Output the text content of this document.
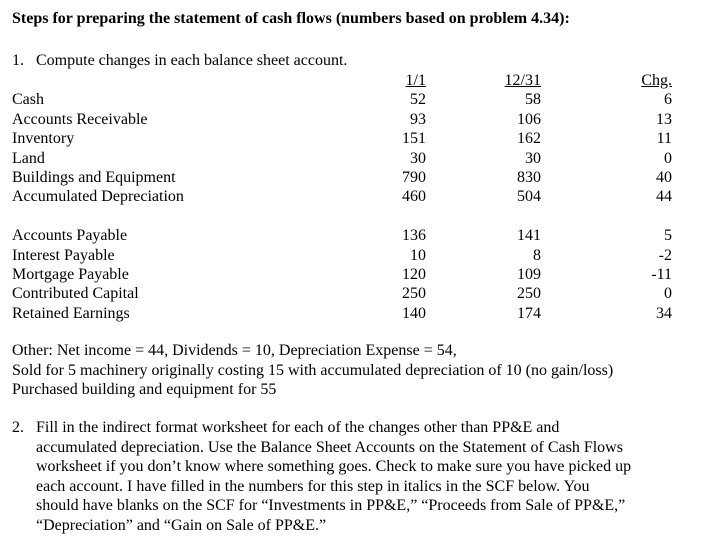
Steps for preparing the statement of cash flows (numbers based on problem 4.34):
1. Compute changes in each balance sheet account.
1/1	12/31	Chg.
Cash	52	58	6
Accounts Receivable	93	106	13
Inventory	151	162	11
Land	30	30	0
Buildings and Equipment	790	830	40
Accumulated Depreciation	460	504	44
Accounts Payable	136	141	5
Interest Payable	10	8	-2
Mortgage Payable	120	109	-11
Contributed Capital	250	250	0
Retained Earnings	140	174	34
Other: Net income = 44, Dividends = 10, Depreciation Expense = 54,
Sold for 5 machinery originally costing 15 with accumulated depreciation of 10 (no gain/loss)
Purchased building and equipment for 55
2. Fill in the indirect format worksheet for each of the changes other than PP&E and
accumulated depreciation. Use the Balance Sheet Accounts on the Statement of Cash Flows
worksheet if you don’t know where something goes. Check to make sure you have picked up
each account. I have filled in the numbers for this step in italics in the SCF below. You
should have blanks on the SCF for “Investments in PP&E,” “Proceeds from Sale of PP&E,”
“Depreciation” and “Gain on Sale of PP&E.”
